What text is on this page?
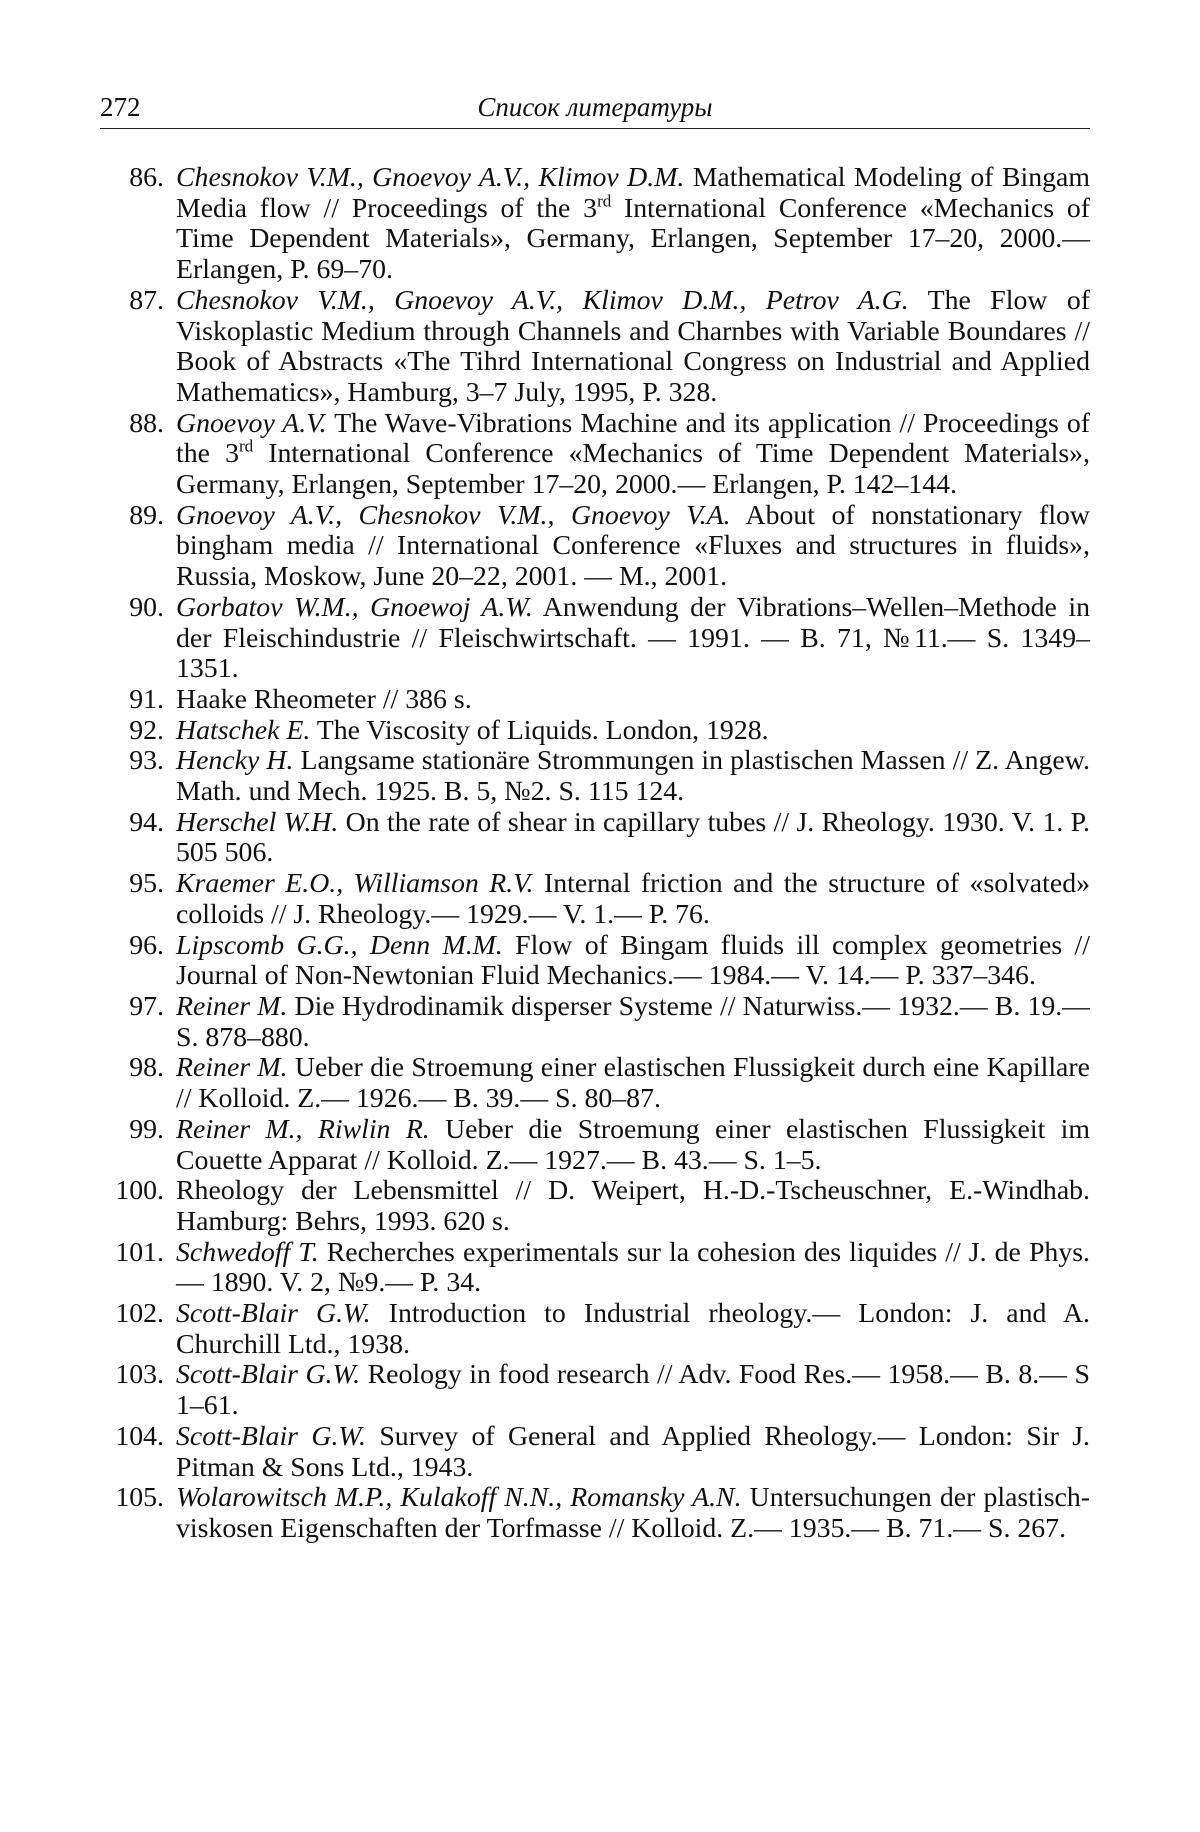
272	Список литературы
86. Chesnokov V.M., Gnoevoy A.V., Klimov D.M. Mathematical Modeling of Bingam Media flow // Proceedings of the 3rd International Conference «Mechanics of Time Dependent Materials», Germany, Erlangen, September 17–20, 2000.— Erlangen, P. 69–70.
87. Chesnokov V.M., Gnoevoy A.V., Klimov D.M., Petrov A.G. The Flow of Viskoplastic Medium through Channels and Charnbes with Variable Boundares // Book of Abstracts «The Tihrd International Congress on Industrial and Applied Mathematics», Hamburg, 3–7 July, 1995, P. 328.
88. Gnoevoy A.V. The Wave-Vibrations Machine and its application // Proceedings of the 3rd International Conference «Mechanics of Time Dependent Materials», Germany, Erlangen, September 17–20, 2000.— Erlangen, P. 142–144.
89. Gnoevoy A.V., Chesnokov V.M., Gnoevoy V.A. About of nonstationary flow bingham media // International Conference «Fluxes and structures in fluids», Russia, Moskow, June 20–22, 2001. — M., 2001.
90. Gorbatov W.M., Gnoewoj A.W. Anwendung der Vibrations–Wellen–Methode in der Fleischindustrie // Fleischwirtschaft. — 1991. — B. 71, №11.— S. 1349–1351.
91. Haake Rheometer // 386 s.
92. Hatschek E. The Viscosity of Liquids. London, 1928.
93. Hencky H. Langsame stationäre Strommungen in plastischen Massen // Z. Angew. Math. und Mech. 1925. B. 5, №2. S. 115 124.
94. Herschel W.H. On the rate of shear in capillary tubes // J. Rheology. 1930. V. 1. P. 505 506.
95. Kraemer E.O., Williamson R.V. Internal friction and the structure of «solvated» colloids // J. Rheology.— 1929.— V. 1.— P. 76.
96. Lipscomb G.G., Denn M.M. Flow of Bingam fluids ill complex geometries // Journal of Non-Newtonian Fluid Mechanics.— 1984.— V. 14.— P. 337–346.
97. Reiner M. Die Hydrodinamik disperser Systeme // Naturwiss.— 1932.— B. 19.— S. 878–880.
98. Reiner M. Ueber die Stroemung einer elastischen Flussigkeit durch eine Kapillare // Kolloid. Z.— 1926.— B. 39.— S. 80–87.
99. Reiner M., Riwlin R. Ueber die Stroemung einer elastischen Flussigkeit im Couette Apparat // Kolloid. Z.— 1927.— B. 43.— S. 1–5.
100. Rheology der Lebensmittel // D. Weipert, H.-D.-Tscheuschner, E.-Windhab. Hamburg: Behrs, 1993. 620 s.
101. Schwedoff T. Recherches experimentals sur la cohesion des liquides // J. de Phys.— 1890. V. 2, №9.— P. 34.
102. Scott-Blair G.W. Introduction to Industrial rheology.— London: J. and A. Churchill Ltd., 1938.
103. Scott-Blair G.W. Reology in food research // Adv. Food Res.— 1958.— B. 8.— S 1–61.
104. Scott-Blair G.W. Survey of General and Applied Rheology.— London: Sir J. Pitman & Sons Ltd., 1943.
105. Wolarowitsch M.P., Kulakoff N.N., Romansky A.N. Untersuchungen der plastisch-viskosen Eigenschaften der Torfmasse // Kolloid. Z.— 1935.— B. 71.— S. 267.
